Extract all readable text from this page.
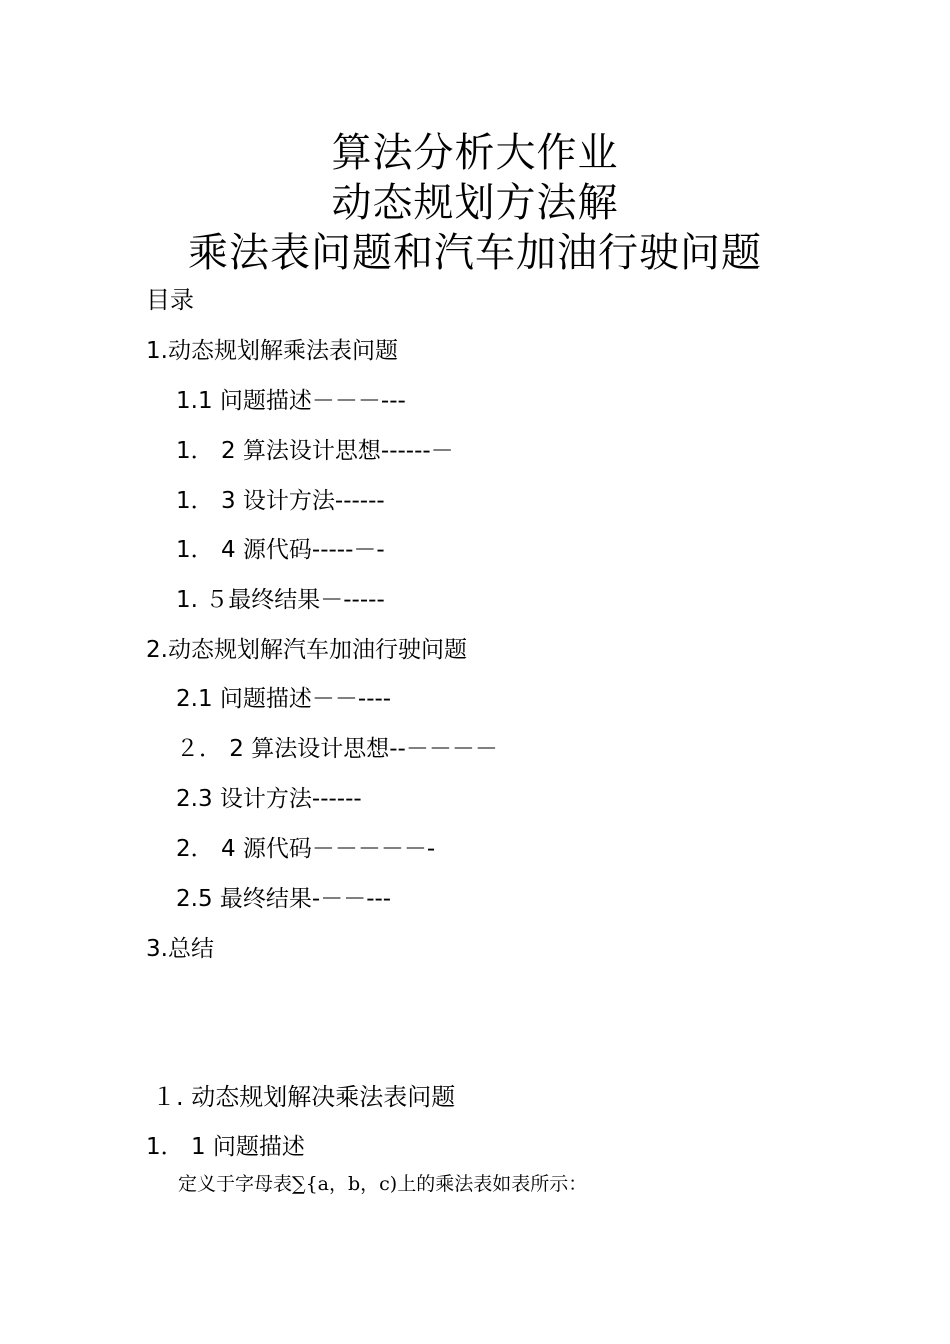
算法分析大作业
动态规划方法解
乘法表问题和汽车加油行驶问题
目录
1.动态规划解乘法表问题
1.1 问题描述－－－---
1． 2 算法设计思想------－
1． 3 设计方法------
1． 4 源代码-----－-
1. ５最终结果－-----
2.动态规划解汽车加油行驶问题
2.1 问题描述－－----
２． 2 算法设计思想--－－－－
2.3 设计方法------
2． 4 源代码－－－－－-
2.5 最终结果-－－---
3.总结
１. 动态规划解决乘法表问题
1． 1 问题描述
定义于字母表∑{a，b，c)上的乘法表如表所示：
